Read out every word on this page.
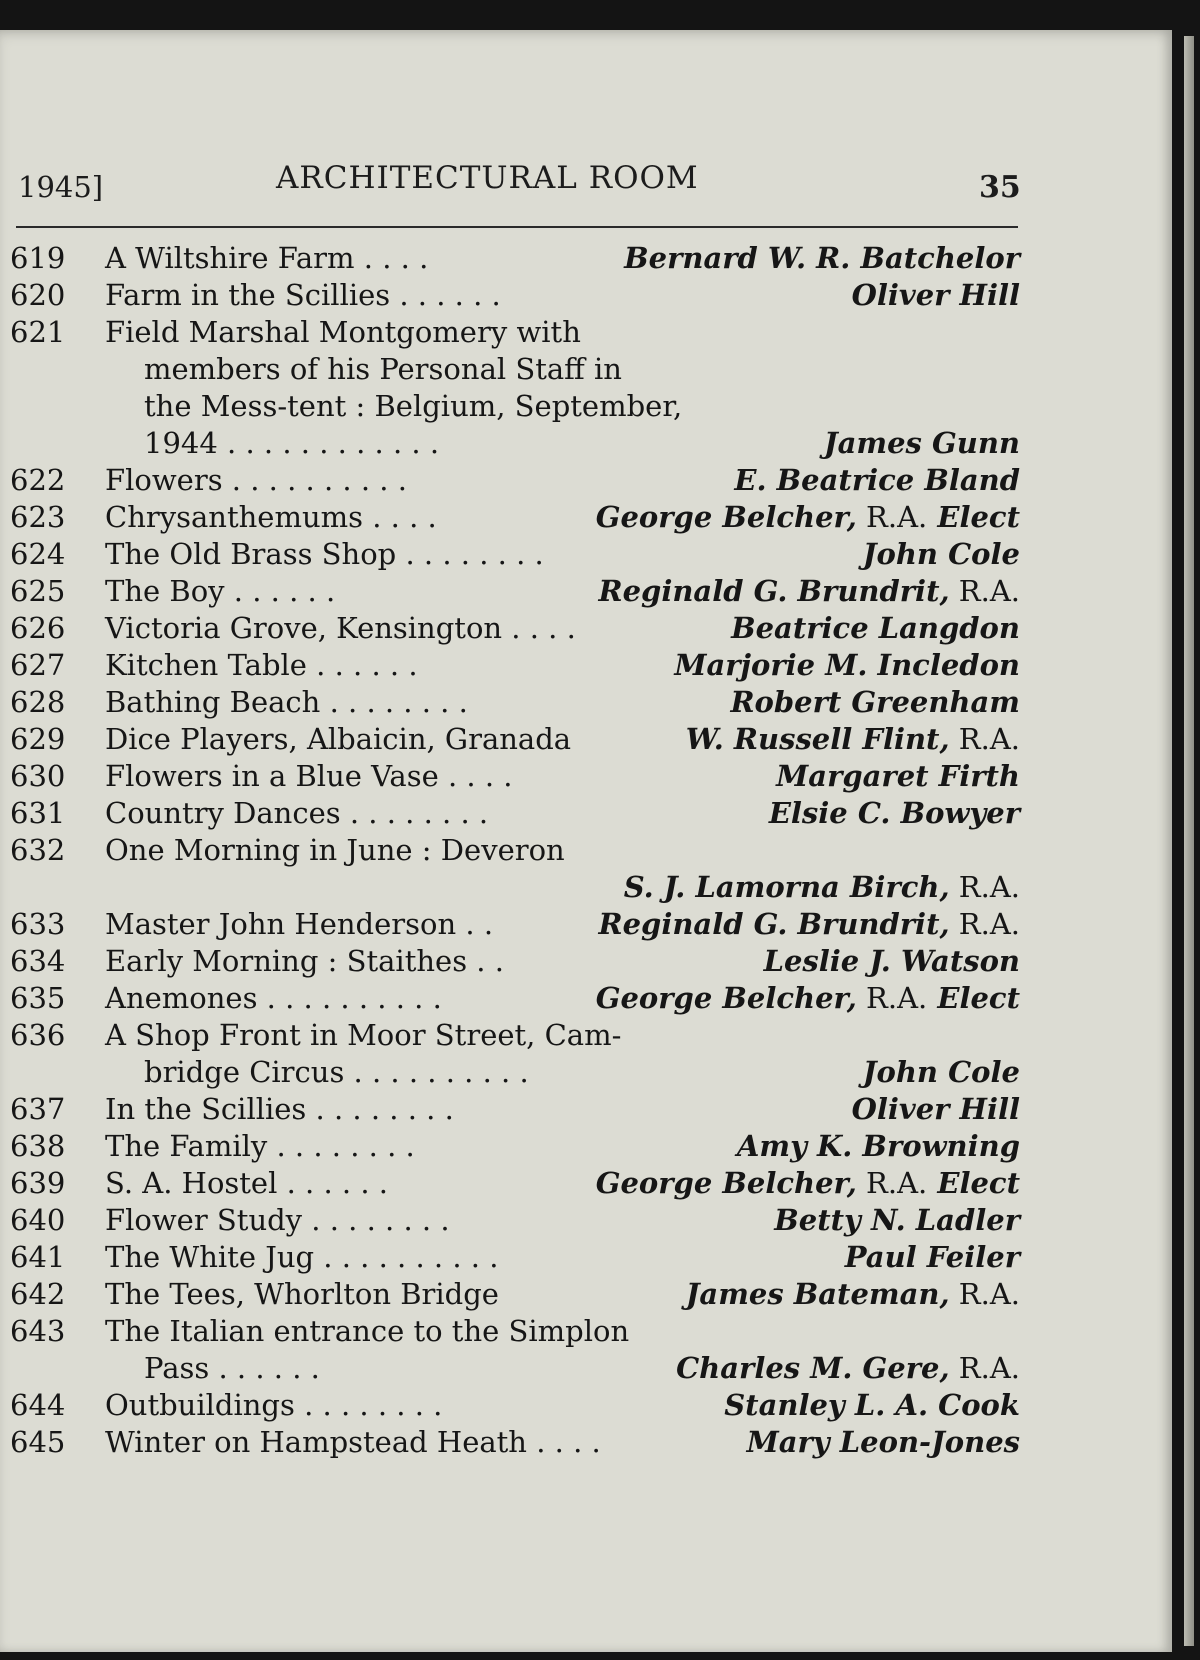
1945]	ARCHITECTURAL ROOM	35
619	A Wiltshire Farm . . . .	Bernard W. R. Batchelor
620	Farm in the Scillies . . . . . .	Oliver Hill
621	Field Marshal Montgomery with
members of his Personal Staff in
the Mess-tent : Belgium, September,
1944 . . . . . . . . . . . .	James Gunn
622	Flowers . . . . . . . . . .	E. Beatrice Bland
623	Chrysanthemums . . . .	George Belcher, R.A. Elect
624	The Old Brass Shop . . . . . . . .	John Cole
625	The Boy . . . . . .	Reginald G. Brundrit, R.A.
626	Victoria Grove, Kensington . . . .	Beatrice Langdon
627	Kitchen Table . . . . . .	Marjorie M. Incledon
628	Bathing Beach . . . . . . . .	Robert Greenham
629	Dice Players, Albaicin, Granada	W. Russell Flint, R.A.
630	Flowers in a Blue Vase . . . .	Margaret Firth
631	Country Dances . . . . . . . .	Elsie C. Bowyer
632	One Morning in June : Deveron
S. J. Lamorna Birch, R.A.
633	Master John Henderson . .	Reginald G. Brundrit, R.A.
634	Early Morning : Staithes . .	Leslie J. Watson
635	Anemones . . . . . . . . . .	George Belcher, R.A. Elect
636	A Shop Front in Moor Street, Cam-
bridge Circus . . . . . . . . . .	John Cole
637	In the Scillies . . . . . . . .	Oliver Hill
638	The Family . . . . . . . .	Amy K. Browning
639	S. A. Hostel . . . . . .	George Belcher, R.A. Elect
640	Flower Study . . . . . . . .	Betty N. Ladler
641	The White Jug . . . . . . . . . .	Paul Feiler
642	The Tees, Whorlton Bridge	James Bateman, R.A.
643	The Italian entrance to the Simplon
Pass . . . . . .	Charles M. Gere, R.A.
644	Outbuildings . . . . . . . .	Stanley L. A. Cook
645	Winter on Hampstead Heath . . . .	Mary Leon-Jones
